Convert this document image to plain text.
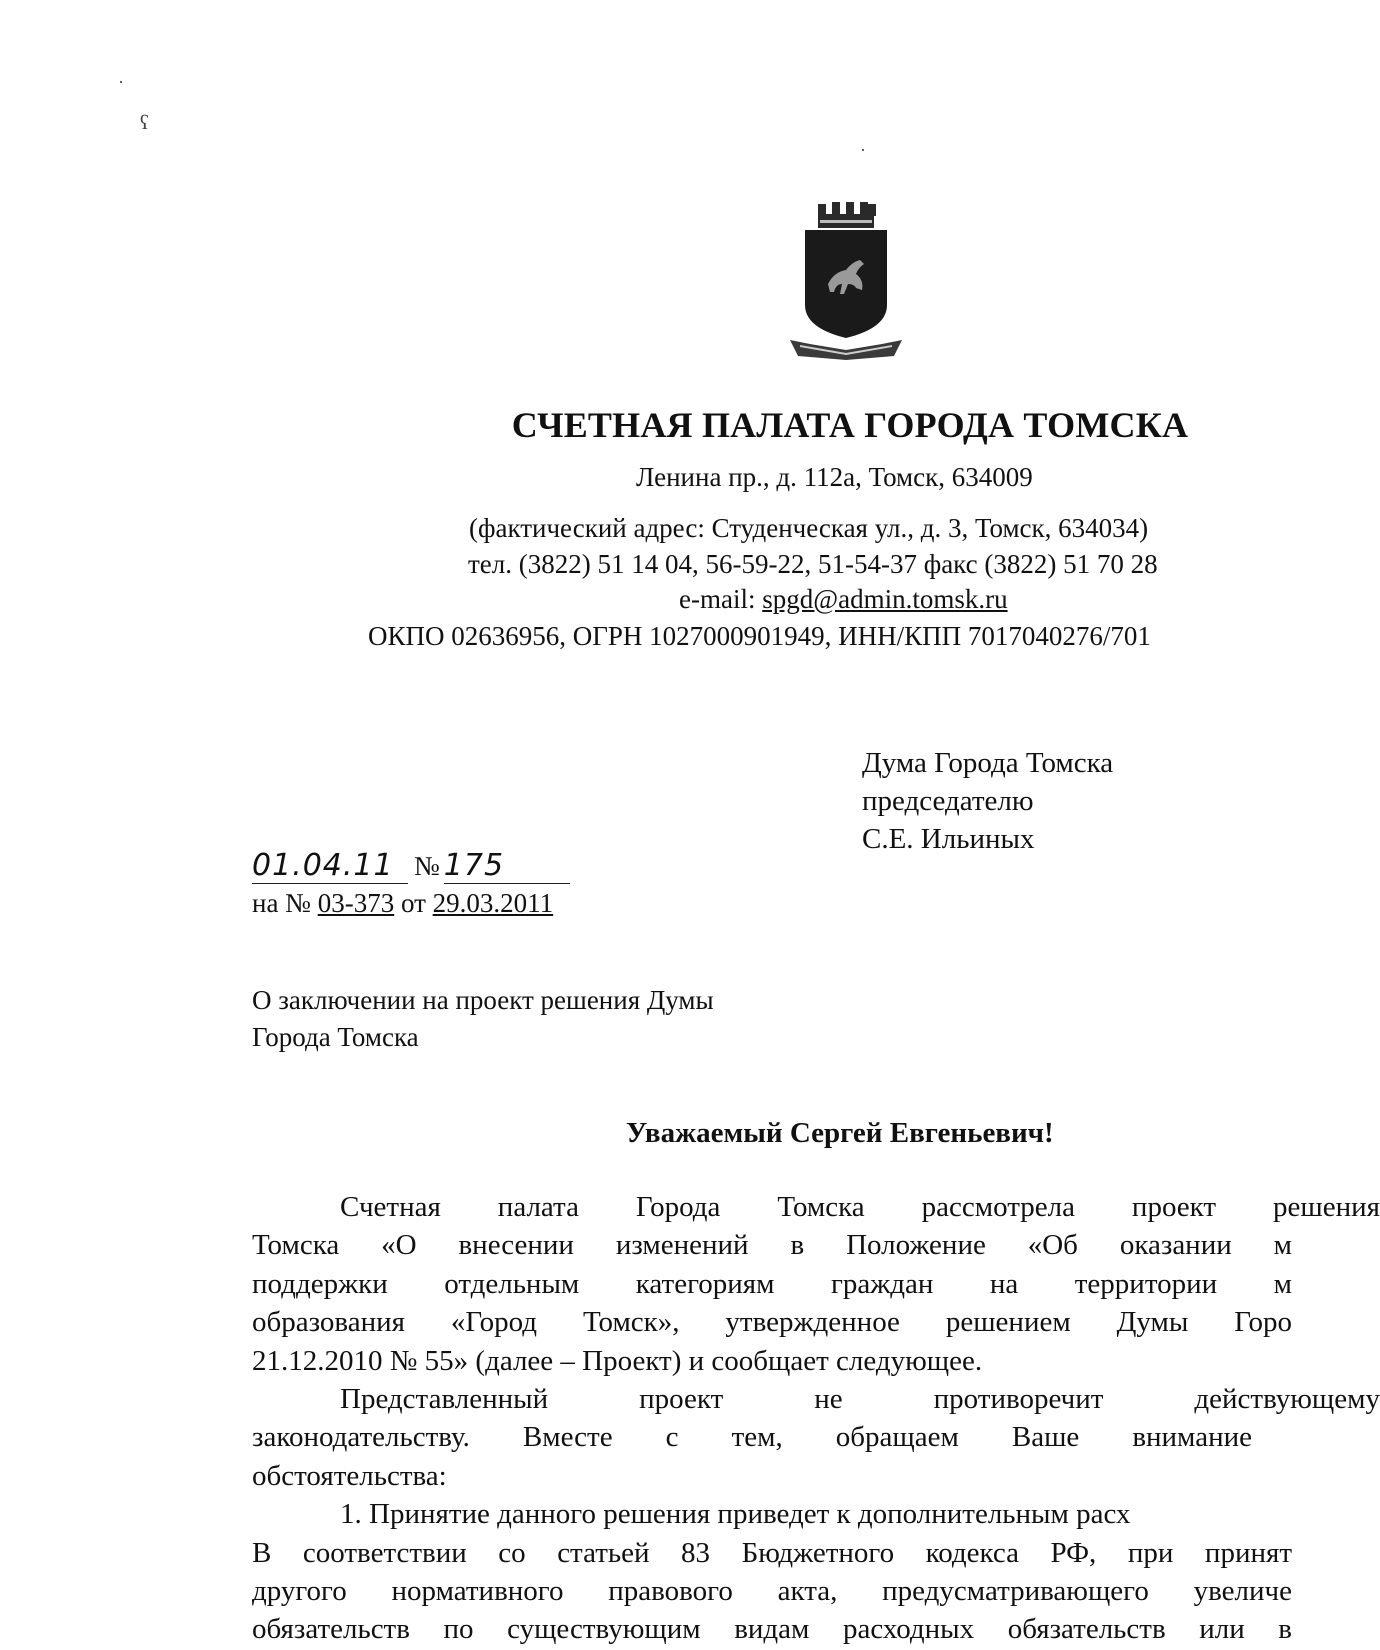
·
ʕ
·
СЧЕТНАЯ ПАЛАТА ГОРОДА ТОМСКА
Ленина пр., д. 112а, Томск, 634009
(фактический адрес: Студенческая ул., д. 3, Томск, 634034)
тел. (3822) 51 14 04, 56-59-22, 51-54-37 факс (3822) 51 70 28
e-mail: spgd@admin.tomsk.ru
ОКПО 02636956, ОГРН 1027000901949, ИНН/КПП 7017040276/701
Дума Города Томска
председателю
С.Е. Ильиных
01.04.11 № 175
на № 03-373 от 29.03.2011
О заключении на проект решения Думы
Города Томска
Уважаемый Сергей Евгеньевич!
Счетная палата Города Томска рассмотрела проект решения
Томска «О внесении изменений в Положение «Об оказании м
поддержки отдельным категориям граждан на территории м
образования «Город Томск», утвержденное решением Думы Горо
21.12.2010 № 55» (далее – Проект) и сообщает следующее.
Представленный проект не противоречит действующему
законодательству. Вместе с тем, обращаем Ваше внимание
обстоятельства:
1. Принятие данного решения приведет к дополнительным расх
В соответствии со статьей 83 Бюджетного кодекса РФ, при принят
другого нормативного правового акта, предусматривающего увеличе
обязательств по существующим видам расходных обязательств или в
